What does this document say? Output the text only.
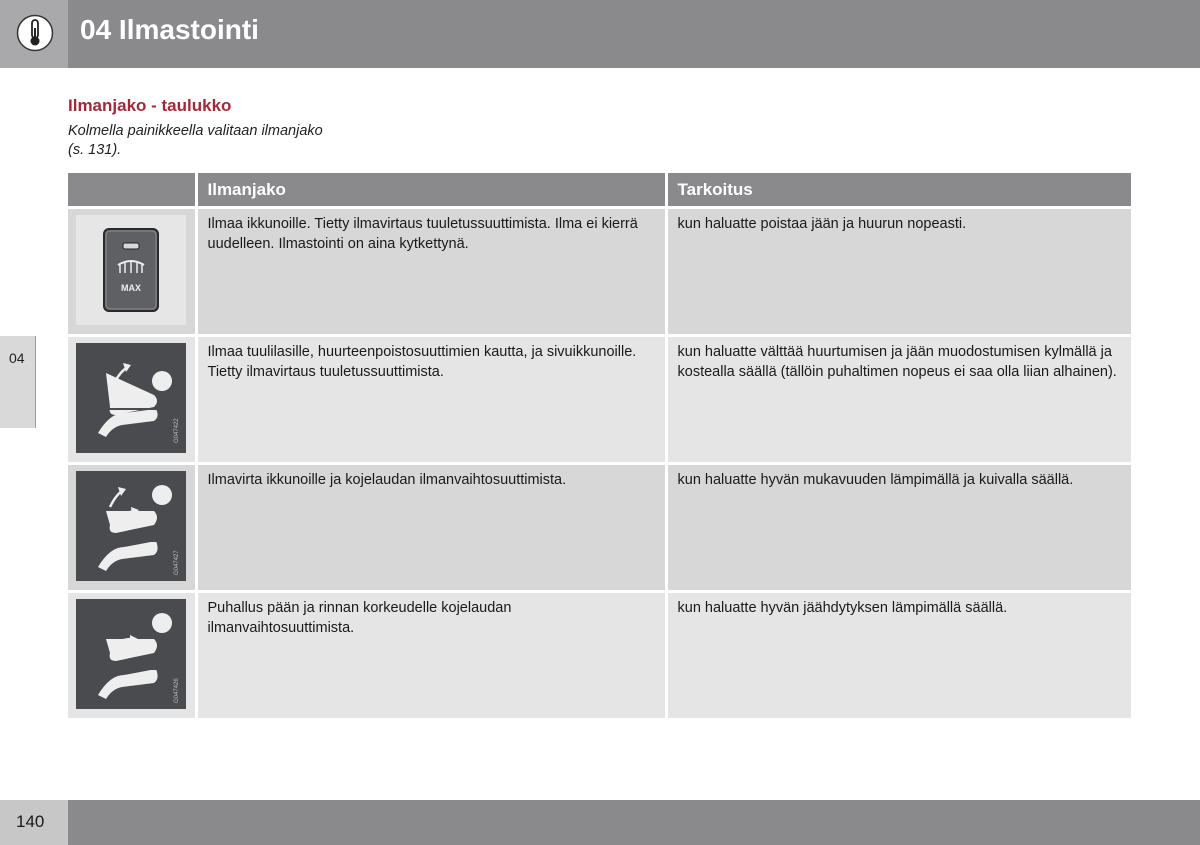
04 Ilmastointi
04
Ilmanjako - taulukko
Kolmella painikkeella valitaan ilmanjako
(s. 131).
	Ilmanjako	Tarkoitus

MAX	Ilmaa ikkunoille. Tietty ilmavirtaus tuuletussuuttimista. Ilma ei kierrä uudelleen. Ilmastointi on aina kytkettynä.	kun haluatte poistaa jään ja huurun nopeasti.

G047422	Ilmaa tuulilasille, huurteenpoistosuuttimien kautta, ja sivuikkunoille. Tietty ilmavirtaus tuuletussuuttimista.	kun haluatte välttää huurtumisen ja jään muodostumisen kylmällä ja kostealla säällä (tällöin puhaltimen nopeus ei saa olla liian alhainen).

G047427	Ilmavirta ikkunoille ja kojelaudan ilmanvaihtosuuttimista.	kun haluatte hyvän mukavuuden lämpimällä ja kuivalla säällä.

G047426	Puhallus pään ja rinnan korkeudelle kojelaudan ilmanvaihtosuuttimista.	kun haluatte hyvän jäähdytyksen lämpimällä säällä.
140
